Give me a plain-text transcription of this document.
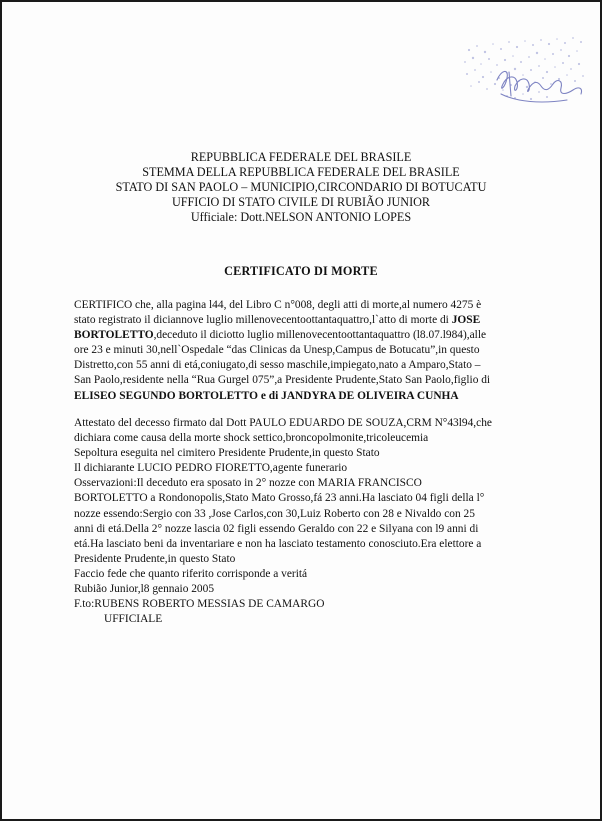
REPUBBLICA FEDERALE DEL BRASILE
STEMMA DELLA REPUBBLICA FEDERALE DEL BRASILE
STATO DI SAN PAOLO – MUNICIPIO,CIRCONDARIO DI BOTUCATU
UFFICIO DI STATO CIVILE DI RUBIÃO JUNIOR
Ufficiale: Dott.NELSON ANTONIO LOPES
CERTIFICATO DI MORTE
CERTIFICO che, alla pagina l44, del Libro C n°008, degli atti di morte,al numero 4275 è
stato registrato il diciannove luglio millenovecentoottantaquattro,l`atto di morte di JOSE
BORTOLETTO,deceduto il diciotto luglio millenovecentoottantaquattro (l8.07.l984),alle
ore 23 e minuti 30,nell`Ospedale “das Clinicas da Unesp,Campus de Botucatu”,in questo
Distretto,con 55 anni di etá,coniugato,di sesso maschile,impiegato,nato a Amparo,Stato –
San Paolo,residente nella “Rua Gurgel 075”,a Presidente Prudente,Stato San Paolo,figlio di
ELISEO SEGUNDO BORTOLETTO e di JANDYRA DE OLIVEIRA CUNHA
Attestato del decesso firmato dal Dott PAULO EDUARDO DE SOUZA,CRM N°43l94,che
dichiara come causa della morte shock settico,broncopolmonite,tricoleucemia
Sepoltura eseguita nel cimitero Presidente Prudente,in questo Stato
Il dichiarante LUCIO PEDRO FIORETTO,agente funerario
Osservazioni:Il deceduto era sposato in 2° nozze con MARIA FRANCISCO
BORTOLETTO a Rondonopolis,Stato Mato Grosso,fá 23 anni.Ha lasciato 04 figli della l°
nozze essendo:Sergio con 33 ,Jose Carlos,con 30,Luiz Roberto con 28 e Nivaldo con 25
anni di etá.Della 2° nozze lascia 02 figli essendo Geraldo con 22 e Silyana con l9 anni di
etá.Ha lasciato beni da inventariare e non ha lasciato testamento conosciuto.Era elettore a
Presidente Prudente,in questo Stato
Faccio fede che quanto riferito corrisponde a veritá
Rubião Junior,l8 gennaio 2005
F.to:RUBENS ROBERTO MESSIAS DE CAMARGO
UFFICIALE
